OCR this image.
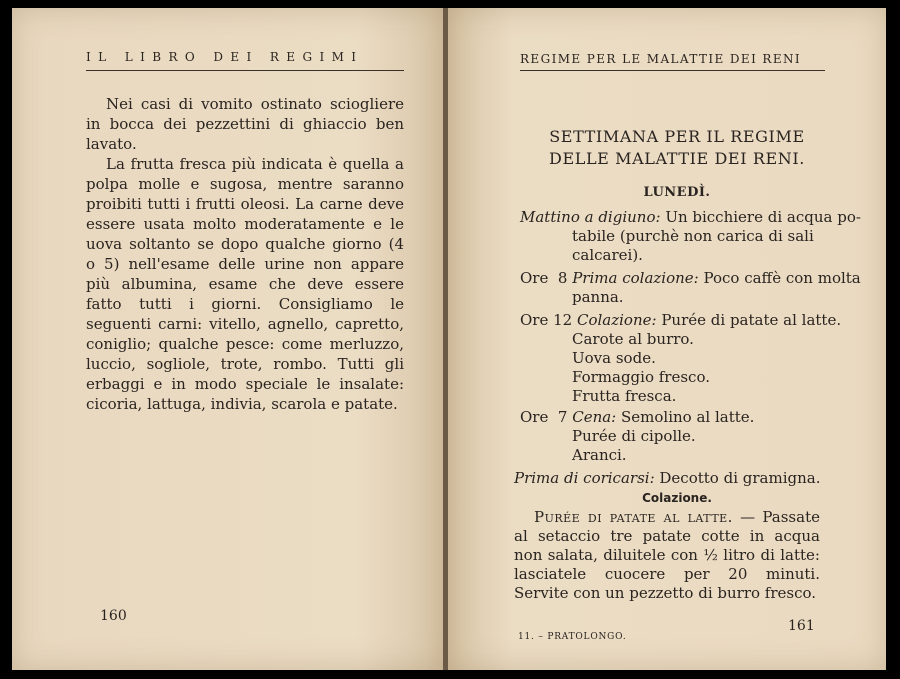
IL LIBRO DEI REGIMI

Nei casi di vomito ostinato sciogliere in bocca dei pezzettini di ghiaccio ben lavato.

La frutta fresca più indicata è quella a polpa molle e sugosa, mentre saranno proibiti tutti i frutti oleosi. La carne deve essere usata molto moderatamente e le uova soltanto se dopo qualche giorno (4 o 5) nell'esame delle urine non appare più albumina, esame che deve essere fatto tutti i giorni. Consigliamo le seguenti carni: vitello, agnello, capretto, coniglio; qualche pesce: come merluzzo, luccio, sogliole, trote, rombo. Tutti gli erbaggi e in modo speciale le insalate: cicoria, lattuga, indivia, scarola e patate.

160
REGIME PER LE MALATTIE DEI RENI
SETTIMANA PER IL REGIME
DELLE MALATTIE DEI RENI.
LUNEDÌ.
Mattino a digiuno: Un bicchiere di acqua po-
tabile (purchè non carica di sali
calcarei).
Ore  8 Prima colazione: Poco caffè con molta
panna.
Ore 12 Colazione: Purée di patate al latte.
Carote al burro.
Uova sode.
Formaggio fresco.
Frutta fresca.
Ore  7 Cena: Semolino al latte.
Purée di cipolle.
Aranci.
Prima di coricarsi: Decotto di gramigna.
Colazione.

Purée di patate al latte. — Passate al setaccio tre patate cotte in acqua non salata, diluitele con ½ litro di latte: lasciatele cuocere per 20 minuti. Servite con un pezzetto di burro fresco.

11. – PRATOLONGO.
161
